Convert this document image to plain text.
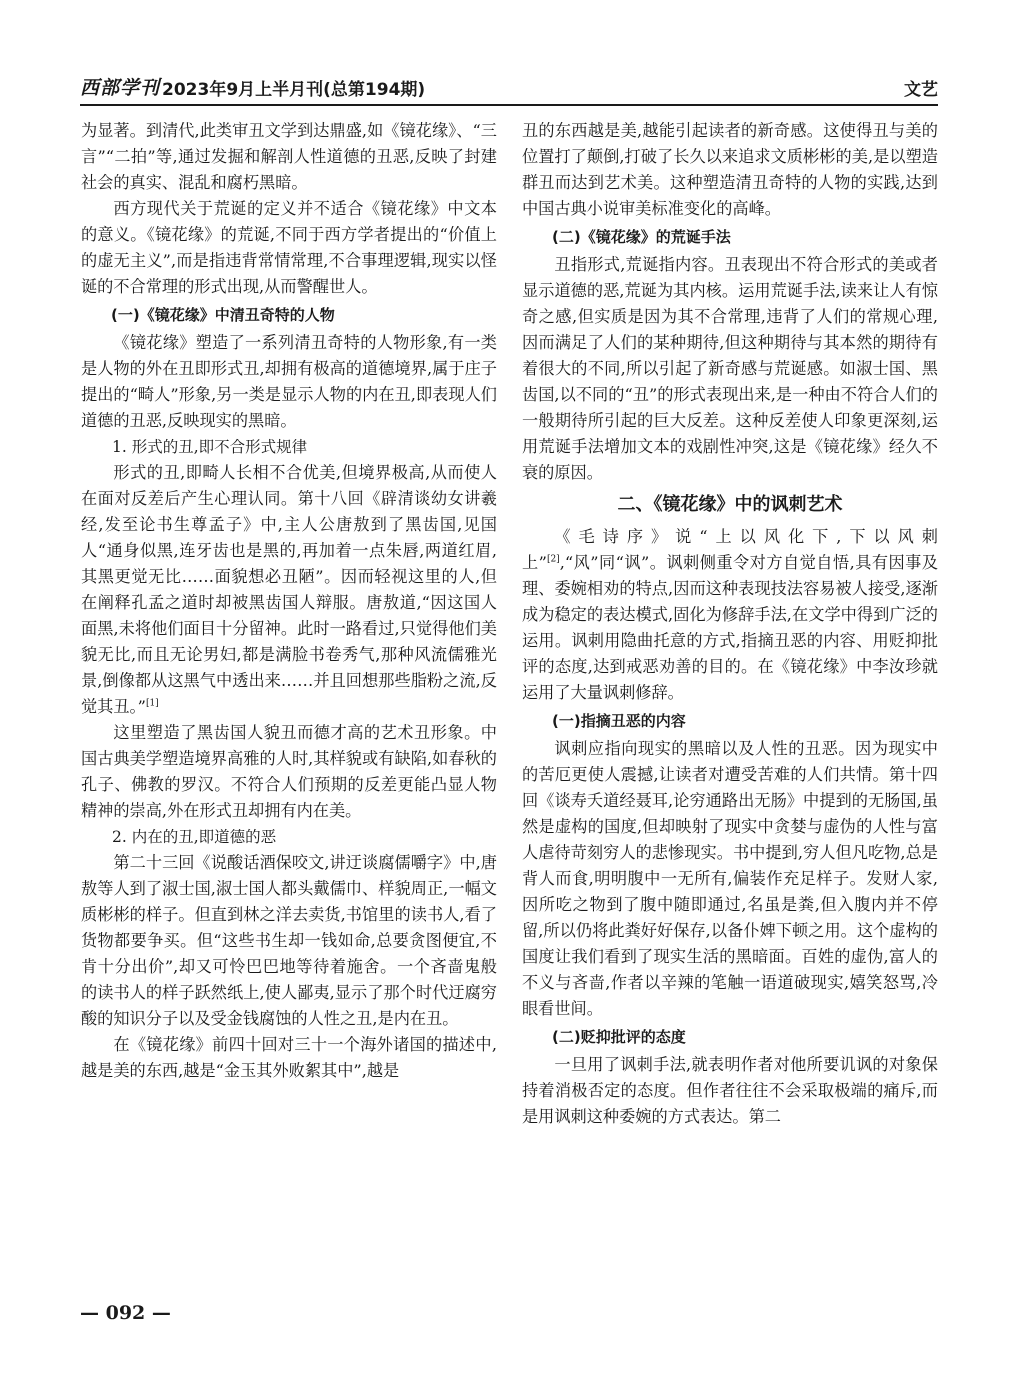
西部学刊 2023年9月上半月刊(总第194期)	文艺

为显著。到清代,此类审丑文学到达鼎盛,如《镜花缘》、“三言”“二拍”等,通过发掘和解剖人性道德的丑恶,反映了封建社会的真实、混乱和腐朽黑暗。

西方现代关于荒诞的定义并不适合《镜花缘》中文本的意义。《镜花缘》的荒诞,不同于西方学者提出的“价值上的虚无主义”,而是指违背常情常理,不合事理逻辑,现实以怪诞的不合常理的形式出现,从而警醒世人。

(一)《镜花缘》中清丑奇特的人物

《镜花缘》塑造了一系列清丑奇特的人物形象,有一类是人物的外在丑即形式丑,却拥有极高的道德境界,属于庄子提出的“畸人”形象,另一类是显示人物的内在丑,即表现人们道德的丑恶,反映现实的黑暗。

1. 形式的丑,即不合形式规律

形式的丑,即畸人长相不合优美,但境界极高,从而使人在面对反差后产生心理认同。第十八回《辟清谈幼女讲羲经,发至论书生尊孟子》中,主人公唐敖到了黑齿国,见国人“通身似黑,连牙齿也是黑的,再加着一点朱唇,两道红眉,其黑更觉无比……面貌想必丑陋”。因而轻视这里的人,但在阐释孔孟之道时却被黑齿国人辩服。唐敖道,“因这国人面黑,未将他们面目十分留神。此时一路看过,只觉得他们美貌无比,而且无论男妇,都是满脸书卷秀气,那种风流儒雅光景,倒像都从这黑气中透出来……并且回想那些脂粉之流,反觉其丑。”[1]

这里塑造了黑齿国人貌丑而德才高的艺术丑形象。中国古典美学塑造境界高雅的人时,其样貌或有缺陷,如春秋的孔子、佛教的罗汉。不符合人们预期的反差更能凸显人物精神的崇高,外在形式丑却拥有内在美。

2. 内在的丑,即道德的恶

第二十三回《说酸话酒保咬文,讲迂谈腐儒嚼字》中,唐敖等人到了淑士国,淑士国人都头戴儒巾、样貌周正,一幅文质彬彬的样子。但直到林之洋去卖货,书馆里的读书人,看了货物都要争买。但“这些书生却一钱如命,总要贪图便宜,不肯十分出价”,却又可怜巴巴地等待着施舍。一个吝啬鬼般的读书人的样子跃然纸上,使人鄙夷,显示了那个时代迂腐穷酸的知识分子以及受金钱腐蚀的人性之丑,是内在丑。

在《镜花缘》前四十回对三十一个海外诸国的描述中,越是美的东西,越是“金玉其外败絮其中”,越是

丑的东西越是美,越能引起读者的新奇感。这使得丑与美的位置打了颠倒,打破了长久以来追求文质彬彬的美,是以塑造群丑而达到艺术美。这种塑造清丑奇特的人物的实践,达到中国古典小说审美标准变化的高峰。

(二)《镜花缘》的荒诞手法

丑指形式,荒诞指内容。丑表现出不符合形式的美或者显示道德的恶,荒诞为其内核。运用荒诞手法,读来让人有惊奇之感,但实质是因为其不合常理,违背了人们的常规心理,因而满足了人们的某种期待,但这种期待与其本然的期待有着很大的不同,所以引起了新奇感与荒诞感。如淑士国、黑齿国,以不同的“丑”的形式表现出来,是一种由不符合人们的一般期待所引起的巨大反差。这种反差使人印象更深刻,运用荒诞手法增加文本的戏剧性冲突,这是《镜花缘》经久不衰的原因。

二、《镜花缘》中的讽刺艺术

《毛诗序》说“上以风化下,下以风刺上”[2],“风”同“讽”。讽刺侧重令对方自觉自悟,具有因事及理、委婉相劝的特点,因而这种表现技法容易被人接受,逐渐成为稳定的表达模式,固化为修辞手法,在文学中得到广泛的运用。讽刺用隐曲托意的方式,指摘丑恶的内容、用贬抑批评的态度,达到戒恶劝善的目的。在《镜花缘》中李汝珍就运用了大量讽刺修辞。

(一)指摘丑恶的内容

讽刺应指向现实的黑暗以及人性的丑恶。因为现实中的苦厄更使人震撼,让读者对遭受苦难的人们共情。第十四回《谈寿夭道经聂耳,论穷通路出无肠》中提到的无肠国,虽然是虚构的国度,但却映射了现实中贪婪与虚伪的人性与富人虐待苛刻穷人的悲惨现实。书中提到,穷人但凡吃物,总是背人而食,明明腹中一无所有,偏装作充足样子。发财人家,因所吃之物到了腹中随即通过,名虽是粪,但入腹内并不停留,所以仍将此粪好好保存,以备仆婢下顿之用。这个虚构的国度让我们看到了现实生活的黑暗面。百姓的虚伪,富人的不义与吝啬,作者以辛辣的笔触一语道破现实,嬉笑怒骂,冷眼看世间。

(二)贬抑批评的态度

一旦用了讽刺手法,就表明作者对他所要讥讽的对象保持着消极否定的态度。但作者往往不会采取极端的痛斥,而是用讽刺这种委婉的方式表达。第二

— 092 —
